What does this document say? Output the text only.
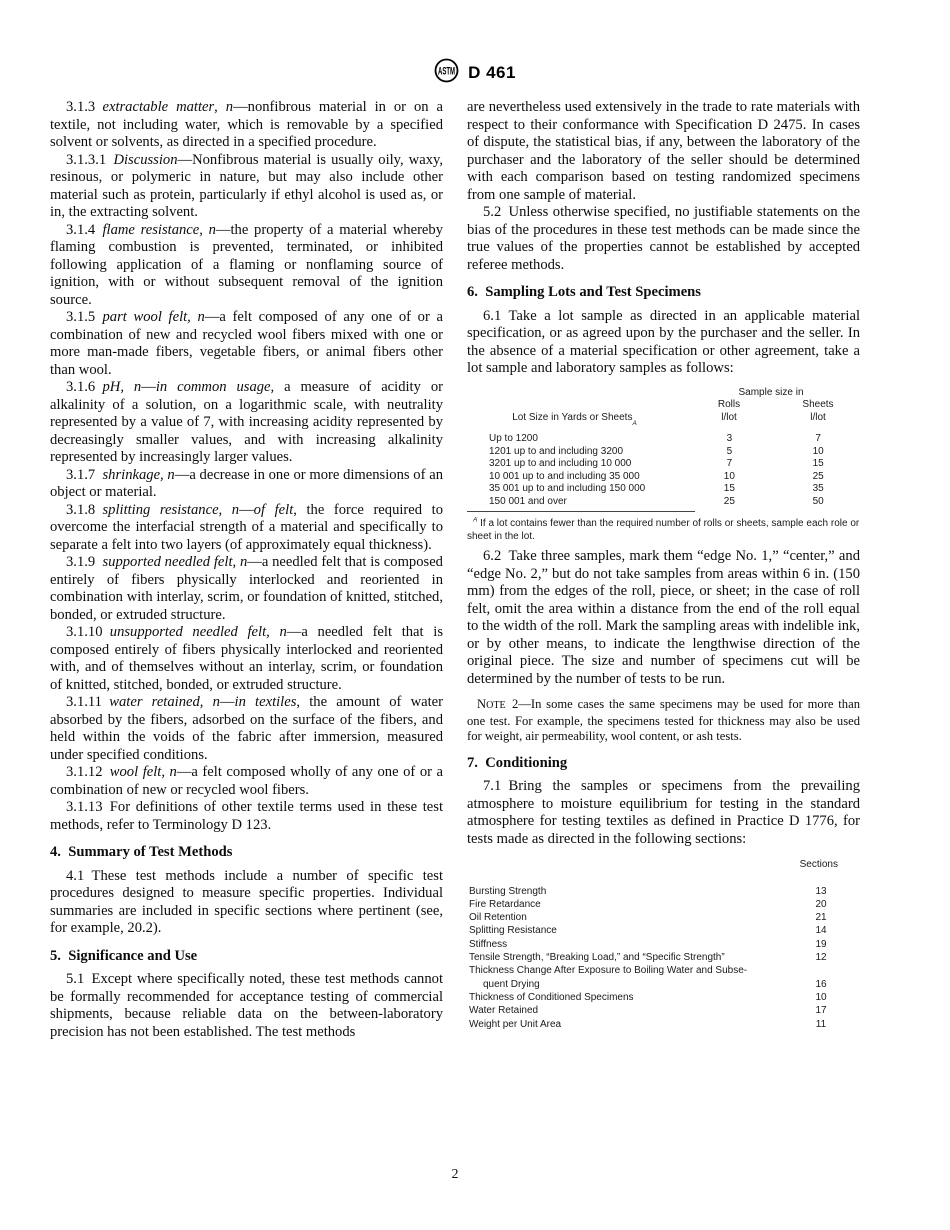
ASTM D 461

3.1.3 extractable matter, n—nonfibrous material in or on a textile, not including water, which is removable by a specified solvent or solvents, as directed in a specified procedure.

3.1.3.1 Discussion—Nonfibrous material is usually oily, waxy, resinous, or polymeric in nature, but may also include other material such as protein, particularly if ethyl alcohol is used as, or in, the extracting solvent.

3.1.4 flame resistance, n—the property of a material whereby flaming combustion is prevented, terminated, or inhibited following application of a flaming or nonflaming source of ignition, with or without subsequent removal of the ignition source.

3.1.5 part wool felt, n—a felt composed of any one of or a combination of new and recycled wool fibers mixed with one or more man-made fibers, vegetable fibers, or animal fibers other than wool.

3.1.6 pH, n—in common usage, a measure of acidity or alkalinity of a solution, on a logarithmic scale, with neutrality represented by a value of 7, with increasing acidity represented by decreasingly smaller values, and with increasing alkalinity represented by increasingly larger values.

3.1.7 shrinkage, n—a decrease in one or more dimensions of an object or material.

3.1.8 splitting resistance, n—of felt, the force required to overcome the interfacial strength of a material and specifically to separate a felt into two layers (of approximately equal thickness).

3.1.9 supported needled felt, n—a needled felt that is composed entirely of fibers physically interlocked and reoriented in combination with interlay, scrim, or foundation of knitted, stitched, bonded, or extruded structure.

3.1.10 unsupported needled felt, n—a needled felt that is composed entirely of fibers physically interlocked and reoriented with, and of themselves without an interlay, scrim, or foundation of knitted, stitched, bonded, or extruded structure.

3.1.11 water retained, n—in textiles, the amount of water absorbed by the fibers, adsorbed on the surface of the fibers, and held within the voids of the fabric after immersion, measured under specified conditions.

3.1.12 wool felt, n—a felt composed wholly of any one of or a combination of new or recycled wool fibers.

3.1.13 For definitions of other textile terms used in these test methods, refer to Terminology D 123.

4. Summary of Test Methods

4.1 These test methods include a number of specific test procedures designed to measure specific properties. Individual summaries are included in specific sections where pertinent (see, for example, 20.2).

5. Significance and Use

5.1 Except where specifically noted, these test methods cannot be formally recommended for acceptance testing of commercial shipments, because reliable data on the between-laboratory precision has not been established. The test methods

are nevertheless used extensively in the trade to rate materials with respect to their conformance with Specification D 2475. In cases of dispute, the statistical bias, if any, between the laboratory of the purchaser and the laboratory of the seller should be determined with each comparison based on testing randomized specimens from one sample of material.

5.2 Unless otherwise specified, no justifiable statements on the bias of the procedures in these test methods can be made since the true values of the properties cannot be established by accepted referee methods.

6. Sampling Lots and Test Specimens

6.1 Take a lot sample as directed in an applicable material specification, or as agreed upon by the purchaser and the seller. In the absence of a material specification or other agreement, take a lot sample and laboratory samples as follows:

Lot Size in Yards or Sheets
A
Sample size in
Rolls
l/lot
Sheets
l/lot
Up to 1200	3	7
1201 up to and including 3200	5	10
3201 up to and including 10 000	7	15
10 001 up to and including 35 000	10	25
35 001 up to and including 150 000	15	35
150 001 and over	25	50
$^A$ If a lot contains fewer than the required number of rolls or sheets, sample each role or sheet in the lot.

6.2 Take three samples, mark them “edge No. 1,” “center,” and “edge No. 2,” but do not take samples from areas within 6 in. (150 mm) from the edges of the roll, piece, or sheet; in the case of roll felt, omit the area within a distance from the end of the roll equal to the width of the roll. Mark the sampling areas with indelible ink, or by other means, to indicate the lengthwise direction of the original piece. The size and number of specimens cut will be determined by the number of tests to be run.

NOTE 2—In some cases the same specimens may be used for more than one test. For example, the specimens tested for thickness may also be used for weight, air permeability, wool content, or ash tests.
7. Conditioning

7.1 Bring the samples or specimens from the prevailing atmosphere to moisture equilibrium for testing in the standard atmosphere for testing textiles as defined in Practice D 1776, for tests made as directed in the following sections:

Sections
Bursting Strength	13
Fire Retardance	20
Oil Retention	21
Splitting Resistance	14
Stiffness	19
Tensile Strength, “Breaking Load,” and “Specific Strength”	12
Thickness Change After Exposure to Boiling Water and Subse-
quent Drying	16
Thickness of Conditioned Specimens	10
Water Retained	17
Weight per Unit Area	11
2
